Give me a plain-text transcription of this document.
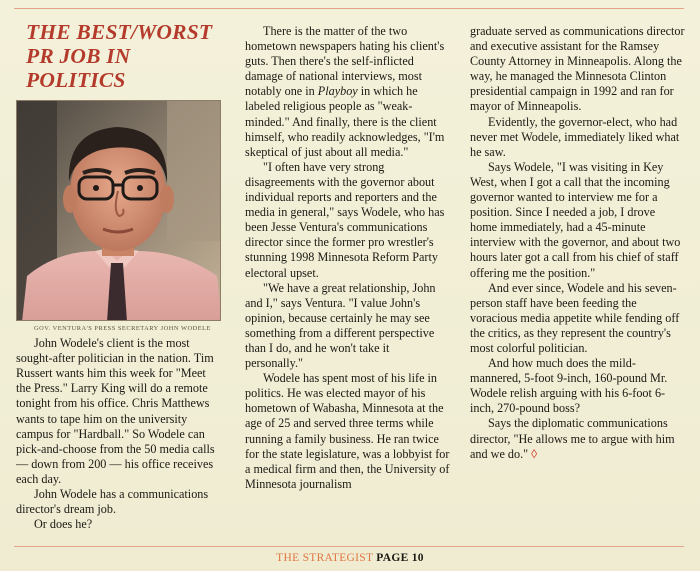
THE BEST/WORST
PR JOB IN POLITICS

GOV. VENTURA'S PRESS SECRETARY JOHN WODELE

John Wodele's client is the most sought-after politician in the nation. Tim Russert wants him this week for "Meet the Press." Larry King will do a remote tonight from his office. Chris Matthews wants to tape him on the university campus for "Hardball." So Wodele can pick-and-choose from the 50 media calls — down from 200 — his office receives each day.

John Wodele has a communications director's dream job.

Or does he?

There is the matter of the two hometown newspapers hating his client's guts. Then there's the self-inflicted damage of national interviews, most notably one in Playboy in which he labeled religious people as "weak-minded." And finally, there is the client himself, who readily acknowledges, "I'm skeptical of just about all media."

"I often have very strong disagreements with the governor about individual reports and reporters and the media in general," says Wodele, who has been Jesse Ventura's communications director since the former pro wrestler's stunning 1998 Minnesota Reform Party electoral upset.

"We have a great relationship, John and I," says Ventura. "I value John's opinion, because certainly he may see something from a different perspective than I do, and he won't take it personally."

Wodele has spent most of his life in politics. He was elected mayor of his hometown of Wabasha, Minnesota at the age of 25 and served three terms while running a family business. He ran twice for the state legislature, was a lobbyist for a medical firm and then, the University of Minnesota journalism

graduate served as communications director and executive assistant for the Ramsey County Attorney in Minneapolis. Along the way, he managed the Minnesota Clinton presidential campaign in 1992 and ran for mayor of Minneapolis.

Evidently, the governor-elect, who had never met Wodele, immediately liked what he saw.

Says Wodele, "I was visiting in Key West, when I got a call that the incoming governor wanted to interview me for a position. Since I needed a job, I drove home immediately, had a 45-minute interview with the governor, and about two hours later got a call from his chief of staff offering me the position."

And ever since, Wodele and his seven-person staff have been feeding the voracious media appetite while fending off the critics, as they represent the country's most colorful politician.

And how much does the mild-mannered, 5-foot 9-inch, 160-pound Mr. Wodele relish arguing with his 6-foot 6-inch, 270-pound boss?

Says the diplomatic communications director, "He allows me to argue with him and we do." ◊

THE STRATEGIST PAGE 10
